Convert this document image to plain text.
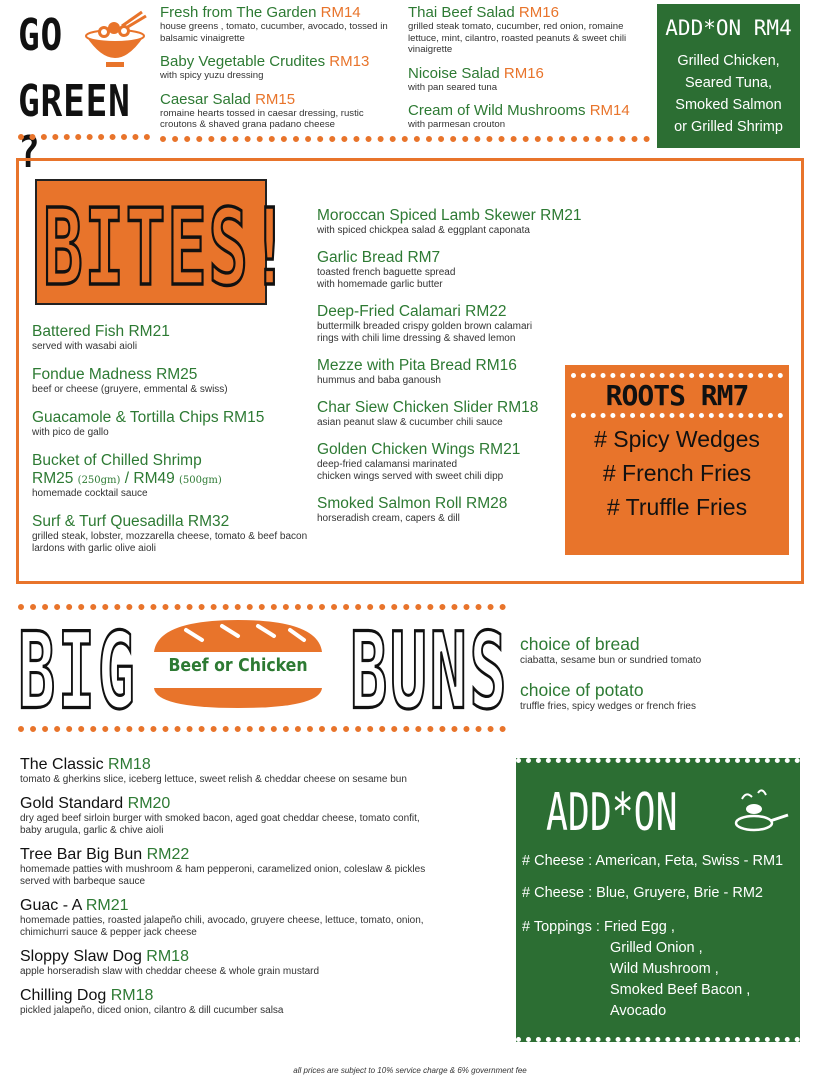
GO
GREEN ?
Fresh from The Garden RM14
house greens , tomato, cucumber, avocado, tossed in balsamic vinaigrette
Baby Vegetable Crudites RM13
with spicy yuzu dressing
Caesar Salad RM15
romaine hearts tossed in caesar dressing, rustic croutons & shaved grana padano cheese
Thai Beef Salad RM16
grilled steak tomato, cucumber, red onion, romaine lettuce, mint, cilantro, roasted peanuts & sweet chili vinaigrette
Nicoise Salad RM16
with pan seared tuna
Cream of Wild Mushrooms RM14
with parmesan crouton
ADD*ON RM4
Grilled Chicken,
Seared Tuna,
Smoked Salmon
or Grilled Shrimp
BITES!
Battered Fish RM21
served with wasabi aioli
Fondue Madness RM25
beef or cheese (gruyere, emmental & swiss)
Guacamole & Tortilla Chips RM15
with pico de gallo
Bucket of Chilled Shrimp
RM25 (250gm) / RM49 (500gm)
homemade cocktail sauce
Surf & Turf Quesadilla RM32
grilled steak, lobster, mozzarella cheese, tomato & beef bacon lardons with garlic olive aioli
Moroccan Spiced Lamb Skewer RM21
with spiced chickpea salad & eggplant caponata
Garlic Bread RM7
toasted french baguette spread
with homemade garlic butter
Deep-Fried Calamari RM22
buttermilk breaded crispy golden brown calamari
rings with chili lime dressing & shaved lemon
Mezze with Pita Bread RM16
hummus and baba ganoush
Char Siew Chicken Slider RM18
asian peanut slaw & cucumber chili sauce
Golden Chicken Wings RM21
deep-fried calamansi marinated
chicken wings served with sweet chili dipp
Smoked Salmon Roll RM28
horseradish cream, capers & dill
ROOTS RM7
# Spicy Wedges
# French Fries
# Truffle Fries
BIG	Beef or Chicken BUNS choice of bread
ciabatta, sesame bun or sundried tomato
choice of potato
truffle fries, spicy wedges or french fries
The Classic RM18
tomato & gherkins slice, iceberg lettuce, sweet relish & cheddar cheese on sesame bun
Gold Standard RM20
dry aged beef sirloin burger with smoked bacon, aged goat cheddar cheese, tomato confit,
baby arugula, garlic & chive aioli
Tree Bar Big Bun RM22
homemade patties with mushroom & ham pepperoni, caramelized onion, coleslaw & pickles
served with barbeque sauce
Guac - A RM21
homemade patties, roasted jalapeño chili, avocado, gruyere cheese, lettuce, tomato, onion,
chimichurri sauce & pepper jack cheese
Sloppy Slaw Dog RM18
apple horseradish slaw with cheddar cheese & whole grain mustard
Chilling Dog RM18
pickled jalapeño, diced onion, cilantro & dill cucumber salsa
ADD*ON
# Cheese : American, Feta, Swiss - RM1
# Cheese : Blue, Gruyere, Brie - RM2
# Toppings : Fried Egg ,
Grilled Onion ,
Wild Mushroom ,
Smoked Beef Bacon ,
Avocado
all prices are subject to 10% service charge & 6% government fee
